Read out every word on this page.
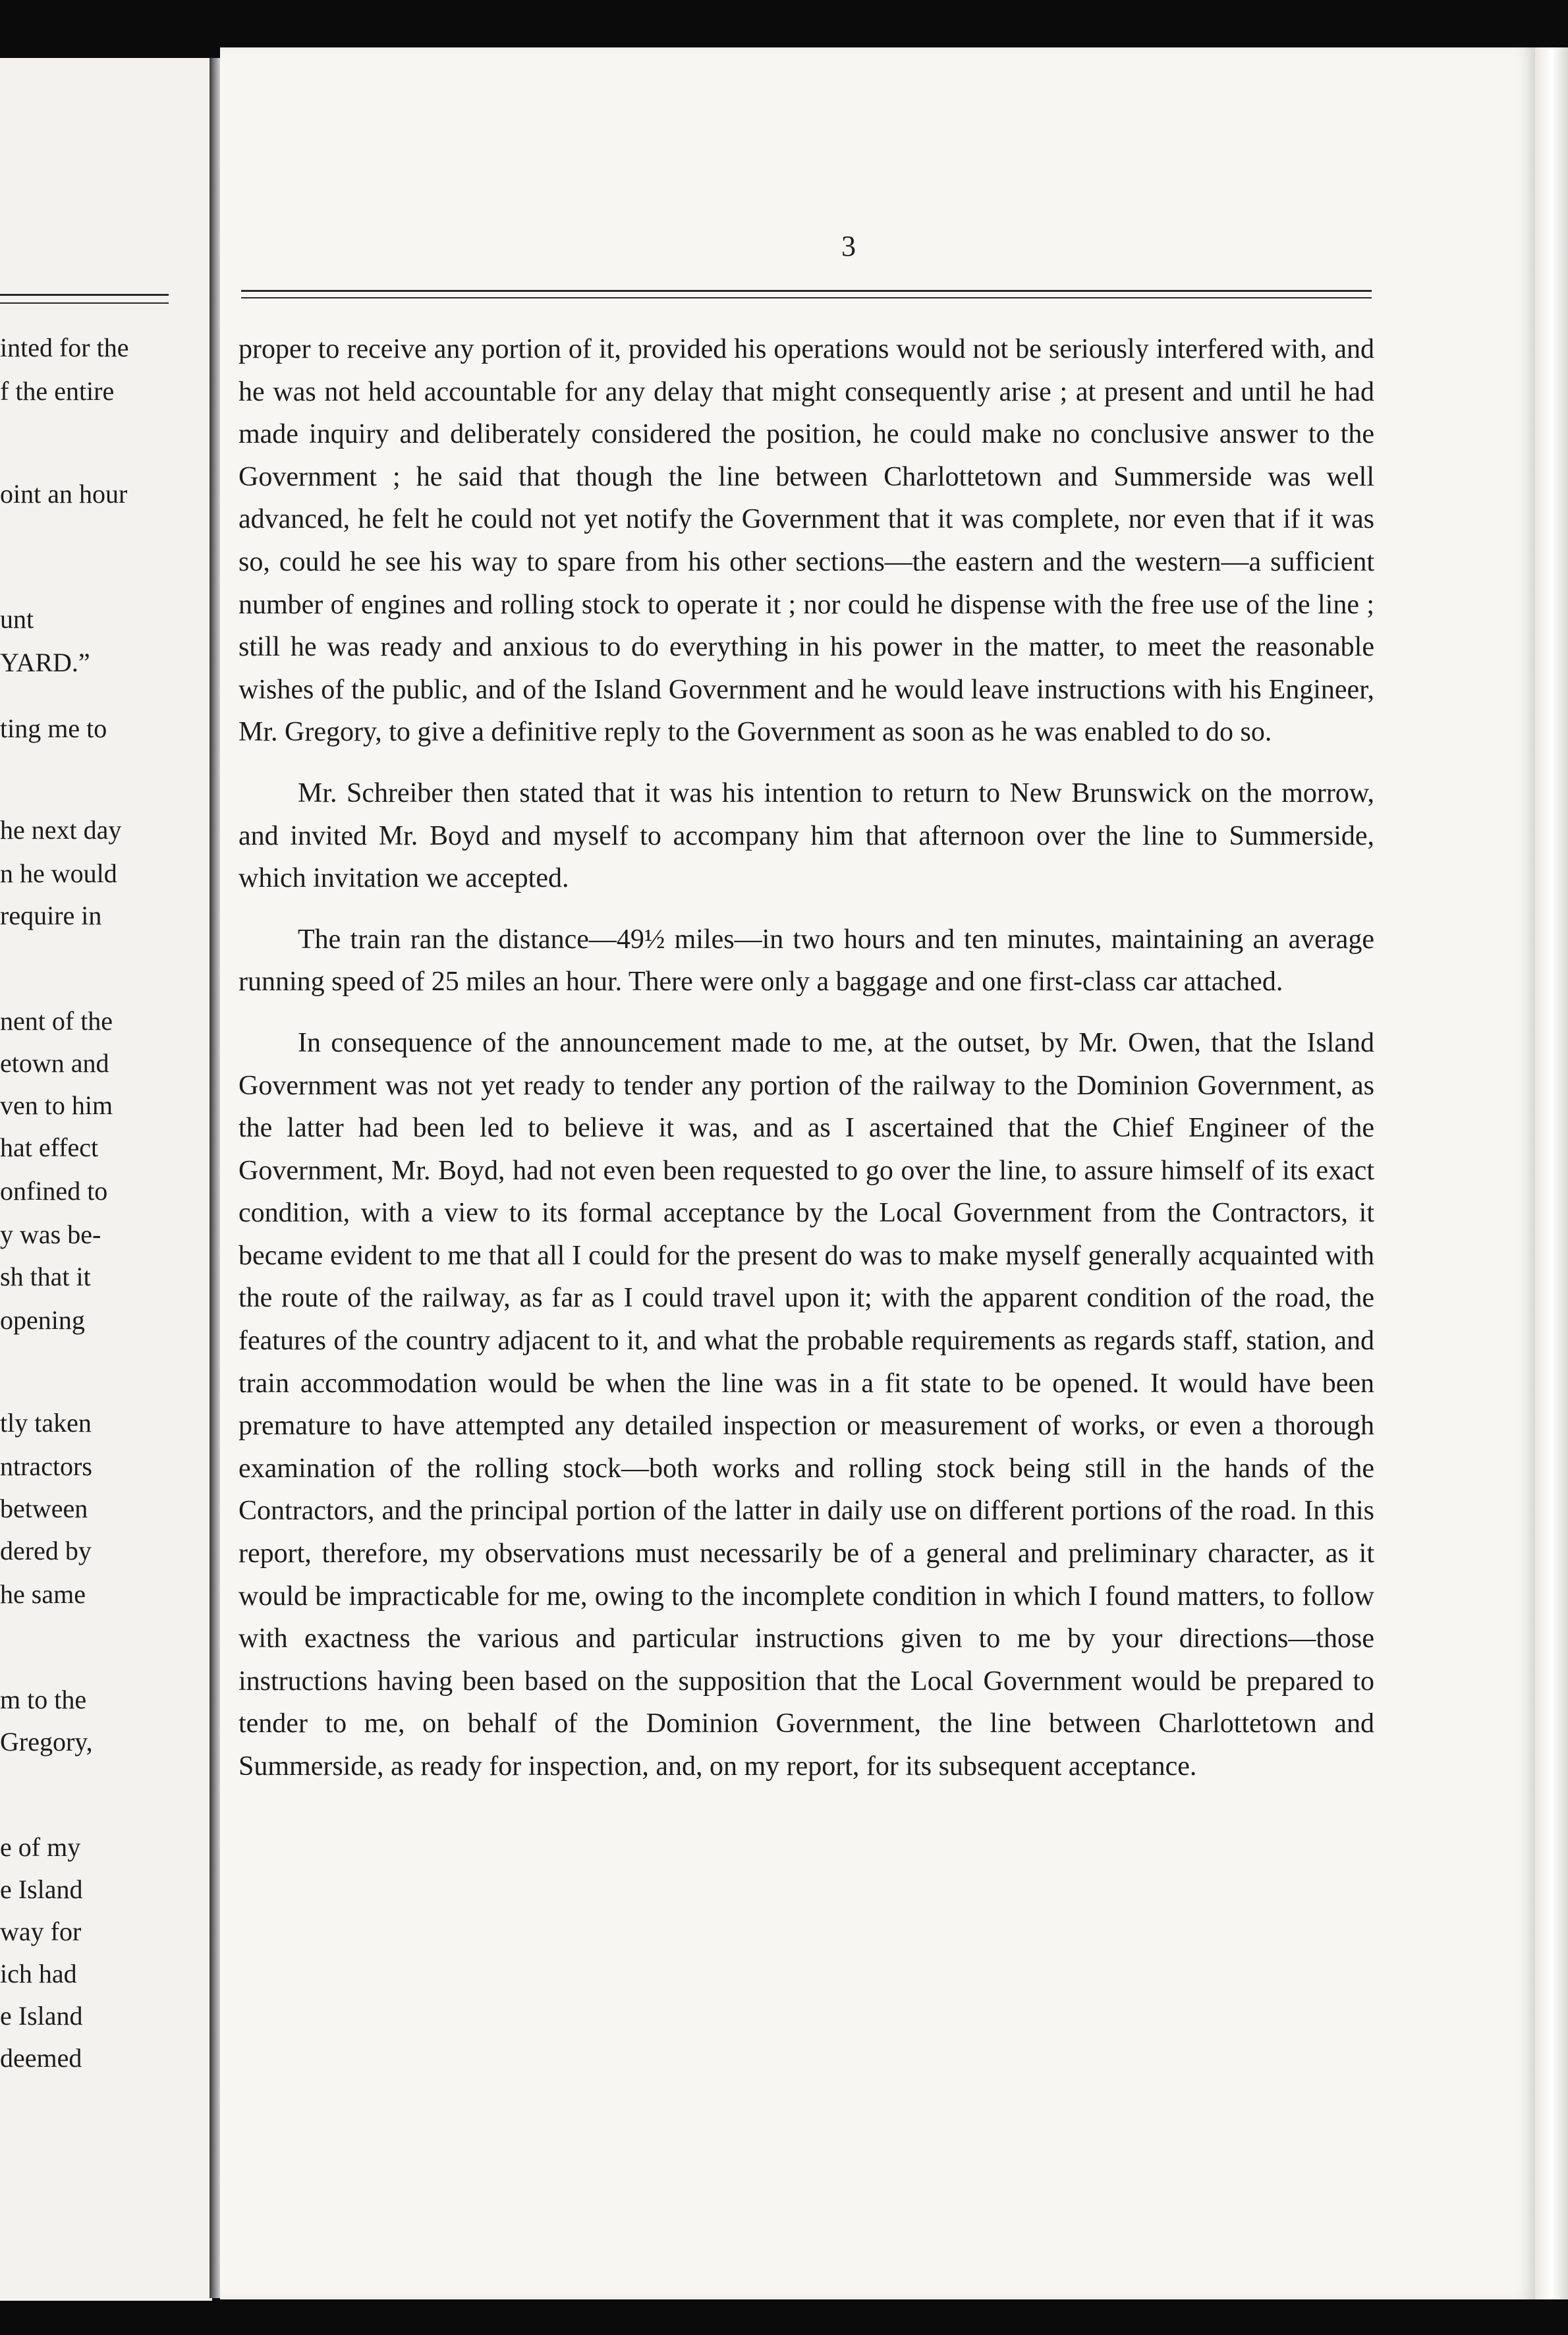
inted for the
f the entire
oint an hour
unt
YARD.”
ting me to
he next day
n he would
require in
nent of the
etown and
ven to him
hat effect
onfined to
y was be-
sh that it
opening
tly taken
ntractors
between
dered by
he same
m to the
Gregory,
e of my
e Island
way for
ich had
e Island
deemed
3

proper to receive any portion of it, provided his operations would not be seriously interfered with, and he was not held accountable for any delay that might consequently arise ; at present and until he had made inquiry and deliberately considered the position, he could make no conclusive answer to the Government ; he said that though the line between Charlottetown and Summerside was well advanced, he felt he could not yet notify the Government that it was complete, nor even that if it was so, could he see his way to spare from his other sections—the eastern and the western—a sufficient number of engines and rolling stock to operate it ; nor could he dispense with the free use of the line ; still he was ready and anxious to do everything in his power in the matter, to meet the reasonable wishes of the public, and of the Island Government and he would leave instructions with his Engineer, Mr. Gregory, to give a definitive reply to the Government as soon as he was enabled to do so.

Mr. Schreiber then stated that it was his intention to return to New Brunswick on the morrow, and invited Mr. Boyd and myself to accompany him that afternoon over the line to Summerside, which invitation we accepted.

The train ran the distance—49½ miles—in two hours and ten minutes, maintaining an average running speed of 25 miles an hour. There were only a baggage and one first-class car attached.

In consequence of the announcement made to me, at the outset, by Mr. Owen, that the Island Government was not yet ready to tender any portion of the railway to the Dominion Government, as the latter had been led to believe it was, and as I ascertained that the Chief Engineer of the Government, Mr. Boyd, had not even been requested to go over the line, to assure himself of its exact condition, with a view to its formal acceptance by the Local Government from the Contractors, it became evident to me that all I could for the present do was to make myself generally acquainted with the route of the railway, as far as I could travel upon it; with the apparent condition of the road, the features of the country adjacent to it, and what the probable requirements as regards staff, station, and train accommodation would be when the line was in a fit state to be opened. It would have been premature to have attempted any detailed inspection or measurement of works, or even a thorough examination of the rolling stock—both works and rolling stock being still in the hands of the Contractors, and the principal portion of the latter in daily use on different portions of the road. In this report, therefore, my observations must necessarily be of a general and preliminary character, as it would be impracticable for me, owing to the incomplete condition in which I found matters, to follow with exactness the various and particular instructions given to me by your directions—those instructions having been based on the supposition that the Local Government would be prepared to tender to me, on behalf of the Dominion Government, the line between Charlottetown and Summerside, as ready for inspection, and, on my report, for its subsequent acceptance.
